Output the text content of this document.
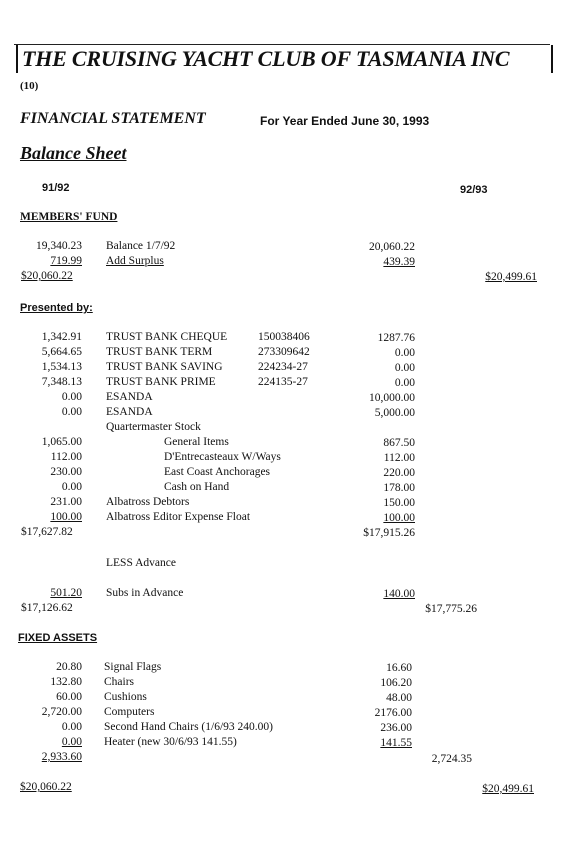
THE CRUISING YACHT CLUB OF TASMANIA INC
(10)
FINANCIAL STATEMENT	For Year Ended June 30, 1993
Balance Sheet
91/92	92/93
MEMBERS' FUND
19,340.23 Balance 1/7/92	20,060.22
719.99 Add Surplus	439.39
$20,060.22	$20,499.61
Presented by:
1,342.91 TRUST BANK CHEQUE	150038406	1287.76
5,664.65 TRUST BANK TERM	273309642	0.00
1,534.13 TRUST BANK SAVING	224234-27	0.00
7,348.13 TRUST BANK PRIME	224135-27	0.00
0.00 ESANDA	10,000.00
0.00 ESANDA	5,000.00
Quartermaster Stock
1,065.00	General Items	867.50
112.00	D'Entrecasteaux W/Ways	112.00
230.00	East Coast Anchorages	220.00
0.00	Cash on Hand	178.00
231.00 Albatross Debtors	150.00
100.00 Albatross Editor Expense Float	100.00
$17,627.82	$17,915.26
LESS Advance
501.20 Subs in Advance	140.00
$17,126.62	$17,775.26
FIXED ASSETS
20.80 Signal Flags	16.60
132.80 Chairs	106.20
60.00 Cushions	48.00
2,720.00 Computers	2176.00
0.00 Second Hand Chairs (1/6/93 240.00)	236.00
0.00 Heater (new 30/6/93 141.55)	141.55
2,933.60	2,724.35
$20,060.22	$20,499.61
